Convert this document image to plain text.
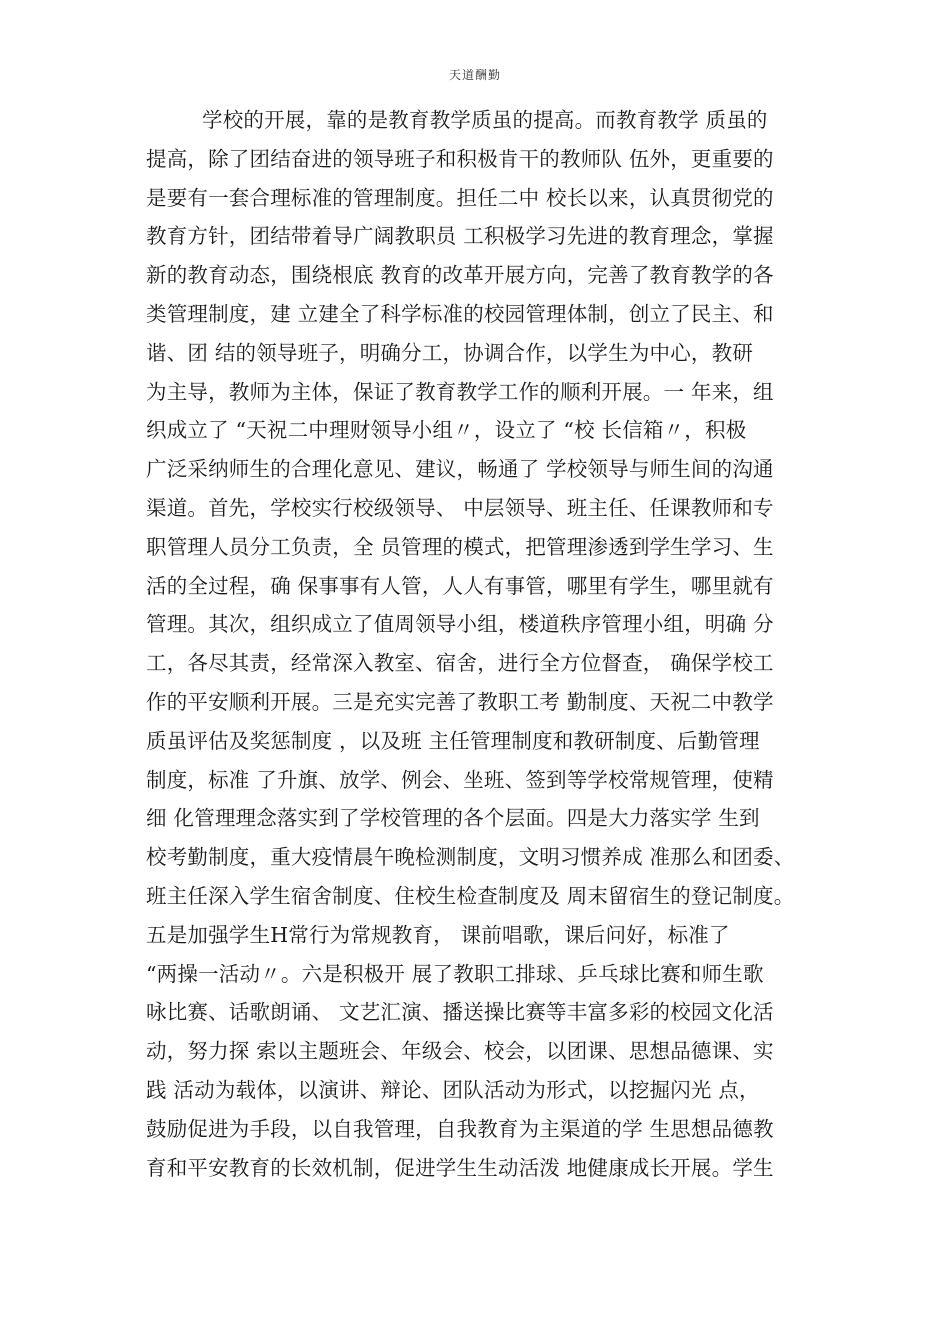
天道酬勤
学校的开展，靠的是教育教学质虽的提高。而教育教学 质虽的
提高，除了团结奋进的领导班子和积极肯干的教师队 伍外，更重要的
是要有一套合理标准的管理制度。担任二中 校长以来，认真贯彻党的
教育方针，团结带着导广阔教职员 工积极学习先进的教育理念，掌握
新的教育动态，围绕根底 教育的改革开展方向，完善了教育教学的各
类管理制度，建 立建全了科学标准的校园管理体制，创立了民主、和
谐、团 结的领导班子，明确分工，协调合作，以学生为中心，教研
为主导，教师为主体，保证了教育教学工作的顺利开展。一 年来，组
织成立了 “天祝二中理财领导小组〃，设立了 “校 长信箱〃，积极
广泛采纳师生的合理化意见、建议，畅通了 学校领导与师生间的沟通
渠道。首先，学校实行校级领导、 中层领导、班主任、任课教师和专
职管理人员分工负责，全 员管理的模式，把管理渗透到学生学习、生
活的全过程，确 保事事有人管，人人有事管，哪里有学生，哪里就有
管理。其次，组织成立了值周领导小组，楼道秩序管理小组，明确 分
工，各尽其责，经常深入教室、宿舍，进行全方位督查， 确保学校工
作的平安顺利开展。三是充实完善了教职工考 勤制度、天祝二中教学
质虽评估及奖惩制度 ，以及班 主任管理制度和教研制度、后勤管理
制度，标准 了升旗、放学、例会、坐班、签到等学校常规管理，使精
细 化管理理念落实到了学校管理的各个层面。四是大力落实学 生到
校考勤制度，重大疫情晨午晚检测制度，文明习惯养成 准那么和团委、
班主任深入学生宿舍制度、住校生检查制度及 周末留宿生的登记制度。
五是加强学生H常行为常规教育， 课前唱歌，课后问好，标准了
“两操一活动〃。六是积极开 展了教职工排球、乒乓球比赛和师生歌
咏比赛、话歌朗诵、 文艺汇演、播送操比赛等丰富多彩的校园文化活
动，努力探 索以主题班会、年级会、校会，以团课、思想品德课、实
践 活动为载体，以演讲、辩论、团队活动为形式，以挖掘闪光 点，
鼓励促进为手段，以自我管理，自我教育为主渠道的学 生思想品德教
育和平安教育的长效机制，促进学生生动活泼 地健康成长开展。学生
